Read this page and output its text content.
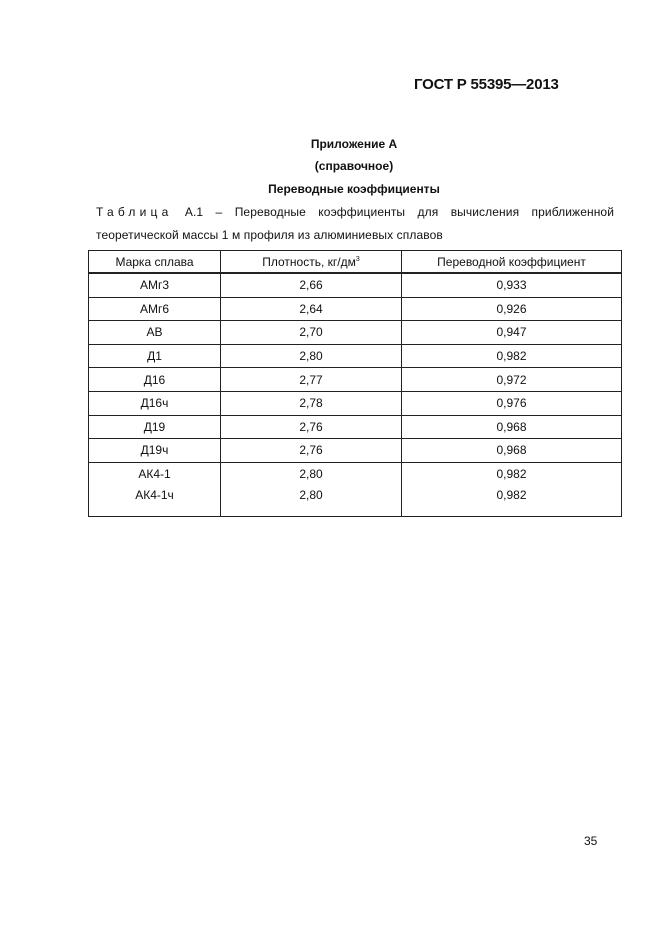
ГОСТ Р 55395—2013
Приложение А
(справочное)
Переводные коэффициенты
Таблица А.1 – Переводные коэффициенты для вычисления приближенной
теоретической массы 1 м профиля из алюминиевых сплавов
Марка сплава	Плотность, $кг/дм^3$	Переводной коэффициент
АМг3	2,66	0,933
АМг6	2,64	0,926
АВ	2,70	0,947
Д1	2,80	0,982
Д16	2,77	0,972
Д16ч	2,78	0,976
Д19	2,76	0,968
Д19ч	2,76	0,968
АК4-1	2,80	0,982
АК4-1ч	2,80	0,982
35
